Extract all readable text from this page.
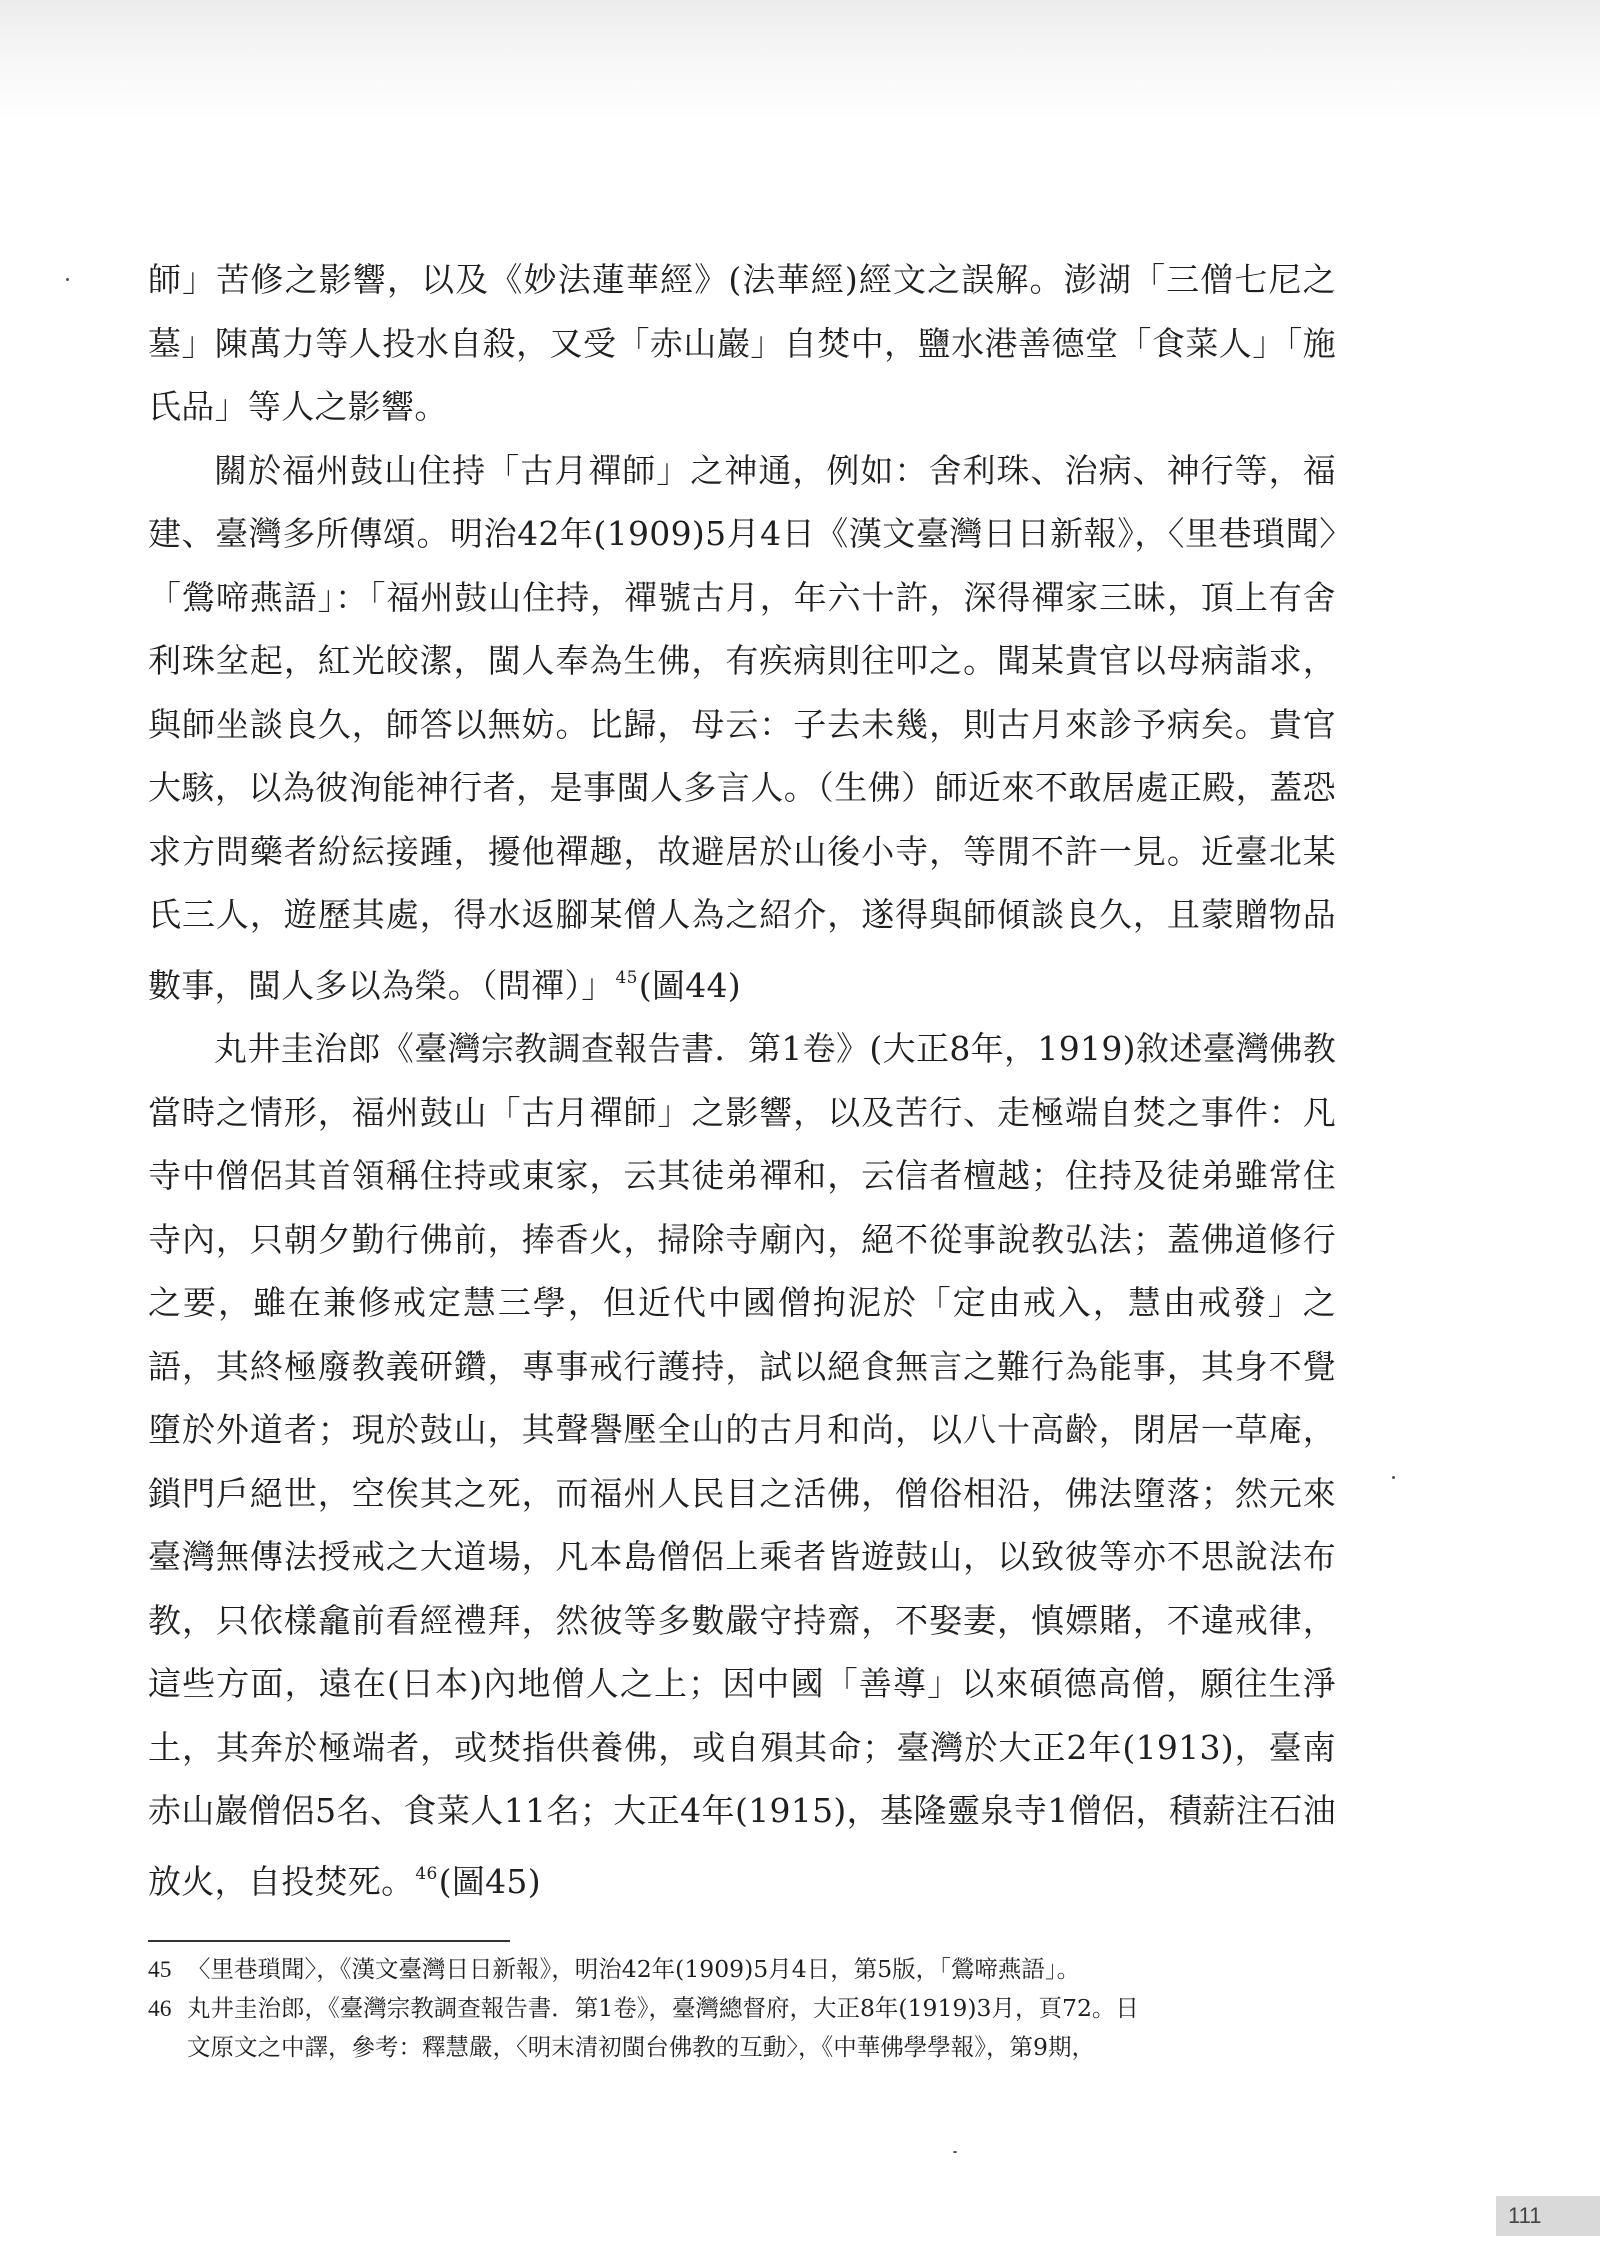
師」苦修之影響，以及《妙法蓮華經》(法華經)經文之誤解。澎湖「三僧七尼之墓」陳萬力等人投水自殺，又受「赤山巖」自焚中，鹽水港善德堂「食菜人」「施氏品」等人之影響。

關於福州鼓山住持「古月禪師」之神通，例如：舍利珠、治病、神行等，福建、臺灣多所傳頌。明治42年(1909)5月4日《漢文臺灣日日新報》，〈里巷瑣聞〉「鶯啼燕語」：「福州鼓山住持，禪號古月，年六十許，深得禪家三昧，頂上有舍利珠坌起，紅光皎潔，閩人奉為生佛，有疾病則往叩之。聞某貴官以母病詣求，與師坐談良久，師答以無妨。比歸，母云：子去未幾，則古月來診予病矣。貴官大駭，以為彼洵能神行者，是事閩人多言人。（生佛）師近來不敢居處正殿，蓋恐求方問藥者紛紜接踵，擾他禪趣，故避居於山後小寺，等閒不許一見。近臺北某氏三人，遊歷其處，得水返腳某僧人為之紹介，遂得與師傾談良久，且蒙贈物品數事，閩人多以為榮。（問禪）」$^{45}$(圖44)

丸井圭治郎《臺灣宗教調查報告書．第1卷》(大正8年，1919)敘述臺灣佛教當時之情形，福州鼓山「古月禪師」之影響，以及苦行、走極端自焚之事件：凡寺中僧侶其首領稱住持或東家，云其徒弟禪和，云信者檀越；住持及徒弟雖常住寺內，只朝夕勤行佛前，捧香火，掃除寺廟內，絕不從事說教弘法；蓋佛道修行之要，雖在兼修戒定慧三學，但近代中國僧拘泥於「定由戒入，慧由戒發」之語，其終極廢教義研鑽，專事戒行護持，試以絕食無言之難行為能事，其身不覺墮於外道者；現於鼓山，其聲譽壓全山的古月和尚，以八十高齡，閉居一草庵，鎖門戶絕世，空俟其之死，而福州人民目之活佛，僧俗相沿，佛法墮落；然元來臺灣無傳法授戒之大道場，凡本島僧侶上乘者皆遊鼓山，以致彼等亦不思說法布教，只依樣龕前看經禮拜，然彼等多數嚴守持齋，不娶妻，慎嫖賭，不違戒律，這些方面，遠在(日本)內地僧人之上；因中國「善導」以來碩德高僧，願往生淨土，其奔於極端者，或焚指供養佛，或自殞其命；臺灣於大正2年(1913)，臺南赤山巖僧侶5名、食菜人11名；大正4年(1915)，基隆靈泉寺1僧侶，積薪注石油放火，自投焚死。$^{46}$(圖45)

45 〈里巷瑣聞〉，《漢文臺灣日日新報》，明治42年(1909)5月4日，第5版，「鶯啼燕語」。

46 丸井圭治郎，《臺灣宗教調查報告書．第1卷》，臺灣總督府，大正8年(1919)3月，頁72。日

文原文之中譯，參考：釋慧嚴，〈明末清初閩台佛教的互動〉，《中華佛學學報》，第9期，

111
